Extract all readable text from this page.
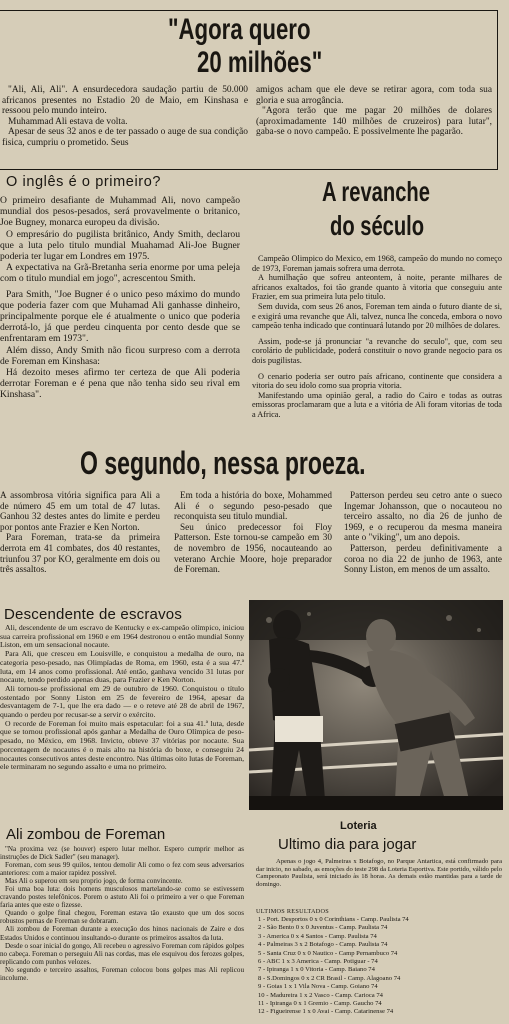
"Agora quero
20 milhões"

"Ali, Ali, Ali". A ensurdecedora saudação partiu de 50.000 africanos presentes no Estadio 20 de Maio, em Kinshasa e ressoou pelo mundo inteiro.

Muhammad Ali estava de volta.

Apesar de seus 32 anos e de ter passado o auge de sua condição fisica, cumpriu o prometido. Seus

amigos acham que ele deve se retirar agora, com toda sua gloria e sua arrogância.

"Agora terão que me pagar 20 milhões de dolares (aproximadamente 140 milhões de cruzeiros) para lutar", gaba-se o novo campeão. E possivelmente lhe pagarão.

O inglês é o primeiro?

O primeiro desafiante de Muhammad Ali, novo campeão mundial dos pesos-pesados, será provavelmente o britanico, Joe Bugney, monarca europeu da divisão.

O empresário do pugilista britânico, Andy Smith, declarou que a luta pelo titulo mundial Muahamad Ali-Joe Bugner poderia ter lugar em Londres em 1975.

A expectativa na Grã-Bretanha seria enorme por uma peleja com o titulo mundial em jogo", acrescentou Smith.

Para Smith, "Joe Bugner é o unico peso máximo do mundo que poderia fazer com que Muhamad Ali ganhasse dinheiro, principalmente porque ele é atualmente o unico que poderia derrotá-lo, já que perdeu cinquenta por cento desde que se enfrentaram em 1973".

Além disso, Andy Smith não ficou surpreso com a derrota de Foreman em Kinshasa:

Há dezoito meses afirmo ter certeza de que Ali poderia derrotar Foreman e é pena que não tenha sido seu rival em Kinshasa".

A revanche
do século

Campeão Olimpico do Mexico, em 1968, campeão do mundo no começo de 1973, Foreman jamais sofrera uma derrota.

A humilhação que sofreu anteontem, à noite, perante milhares de africanos exaltados, foi tão grande quanto à vitoria que conseguiu ante Frazier, em sua primeira luta pelo titulo.

Sem duvida, com seus 26 anos, Foreman tem ainda o futuro diante de si, e exigirá uma revanche que Ali, talvez, nunca lhe conceda, embora o novo campeão tenha indicado que continuará lutando por 20 milhões de dolares.

Assim, pode-se já pronunciar "a revanche do seculo", que, com seu corolário de publicidade, poderá constituir o novo grande negocio para os dois pugilistas.

O cenario poderia ser outro país africano, continente que considera a vitoria do seu idolo como sua propria vitoria.

Manifestando uma opinião geral, a radio do Cairo e todas as outras emissoras proclamaram que a luta e a vitória de Ali foram vitorias de toda a Africa.

O segundo, nessa proeza.

A assombrosa vitória significa para Ali a de número 45 em um total de 47 lutas. Ganhou 32 destes antes do limite e perdeu por pontos ante Frazier e Ken Norton.

Para Foreman, trata-se da primeira derrota em 41 combates, dos 40 restantes, triunfou 37 por KO, geralmente em dois ou três assaltos.

Em toda a história do boxe, Mohammed Ali é o segundo peso-pesado que reconquista seu titulo mundial.

Seu único predecessor foi Floy Patterson. Este tornou-se campeão em 30 de novembro de 1956, nocauteando ao veterano Archie Moore, hoje preparador de Foreman.

Patterson perdeu seu cetro ante o sueco Ingemar Johansson, que o nocauteou no terceiro assalto, no dia 26 de junho de 1969, e o recuperou da mesma maneira ante o "viking", um ano depois.

Patterson, perdeu definitivamente a coroa no dia 22 de junho de 1963, ante Sonny Liston, em menos de um assalto.

Descendente de escravos

Ali, descendente de um escravo de Kentucky e ex-campeão olímpico, iniciou sua carreira profissional em 1960 e em 1964 destronou o então mundial Sonny Liston, em um sensacional nocaute.

Para Ali, que cresceu em Louisville, e conquistou a medalha de ouro, na categoria peso-pesado, nas Olimpíadas de Roma, em 1960, esta é a sua 47.ª luta, em 14 anos como profissional. Até então, ganhava vencido 31 lutas por nocaute, tendo perdido apenas duas, para Frazier e Ken Norton.

Ali tornou-se profissional em 29 de outubro de 1960. Conquistou o título ostentado por Sonny Liston em 25 de fevereiro de 1964, apesar da desvantagem de 7-1, que lhe era dado — e o reteve até 28 de abril de 1967, quando o perdeu por recusar-se a servir o exército.

O recorde de Foreman foi muito mais espetacular: foi a sua 41.ª luta, desde que se tornou profissional após ganhar a Medalha de Ouro Olímpica de peso-pesado, no México, em 1968. Invicto, obteve 37 vitórias por nocaute. Sua porcentagem de nocautes é o mais alto na história do boxe, e conseguiu 24 nocautes consecutivos antes deste encontro. Nas últimas oito lutas de Foreman, ele terminaram no segundo assalto e uma no primeiro.

Ali zombou de Foreman

"Na proxima vez (se houver) espero lutar melhor. Espero cumprir melhor as instruções de Dick Sadler" (seu manager).

Foreman, com seus 99 quilos, tentou demolir Ali como o fez com seus adversarios anteriores: com a maior rapidez possível.

Mas Ali o superou em seu proprio jogo, de forma convincente.

Foi uma boa luta: dois homens musculosos martelando-se como se estivessem cravando postes telefônicos. Porem o astuto Ali foi o primeiro a ver o que Foreman faria antes que este o fizesse.

Quando o golpe final chegou, Foreman estava tão exausto que um dos socos robustos pernas de Foreman se dobraram.

Ali zombou de Foreman durante a execução dos hinos nacionais de Zaire e dos Estados Unidos e continuou insultando-o durante os primeiros assaltos da luta.

Desde o soar inicial do gongo, Ali recebeu o agressivo Foreman com rápidos golpes no cabeça. Foreman o perseguiu Ali nas cordas, mas ele esquivou dos ferozes golpes, replicando com punhos velozes.

No segundo e terceiro assaltos, Foreman colocou bons golpes mas Ali replicou incolume.

Loteria
Ultimo dia para jogar
Apenas o jogo 4, Palmeiras x Botafogo, no Parque Antartica, está confirmado para dar inicio, no sabado, as emoções do teste 298 da Loteria Esportiva. Este portido, válido pelo Campeonato Paulista, será iniciado às 18 horas. As demais estão mantidas para a tarde de domingo.
ULTIMOS RESULTADOS
1 - Port. Desportos 0 x 0 Corinthians - Camp. Paulista 74
2 - São Bento 0 x 0 Juventus - Camp. Paulista 74
3 - America 0 x 4 Santos - Camp. Paulista 74
4 - Palmeiras 3 x 2 Botafogo - Camp. Paulista 74
5 - Santa Cruz 0 x 0 Nautico - Camp Pernambuco 74
6 - ABC 1 x 3 America - Camp. Potiguar - 74
7 - Ipiranga 1 x 0 Vitoria - Camp. Baiano 74
8 - S.Domingos 0 x 2 CR Brasil - Camp. Alagoano 74
9 - Goias 1 x 1 Vila Nova - Camp. Goiano 74
10 - Madureira 1 x 2 Vasco - Camp. Carioca 74
11 - Ipiranga 0 x 1 Gremio - Camp. Gaucho 74
12 - Figueirense 1 x 0 Avai - Camp. Catarinense 74
